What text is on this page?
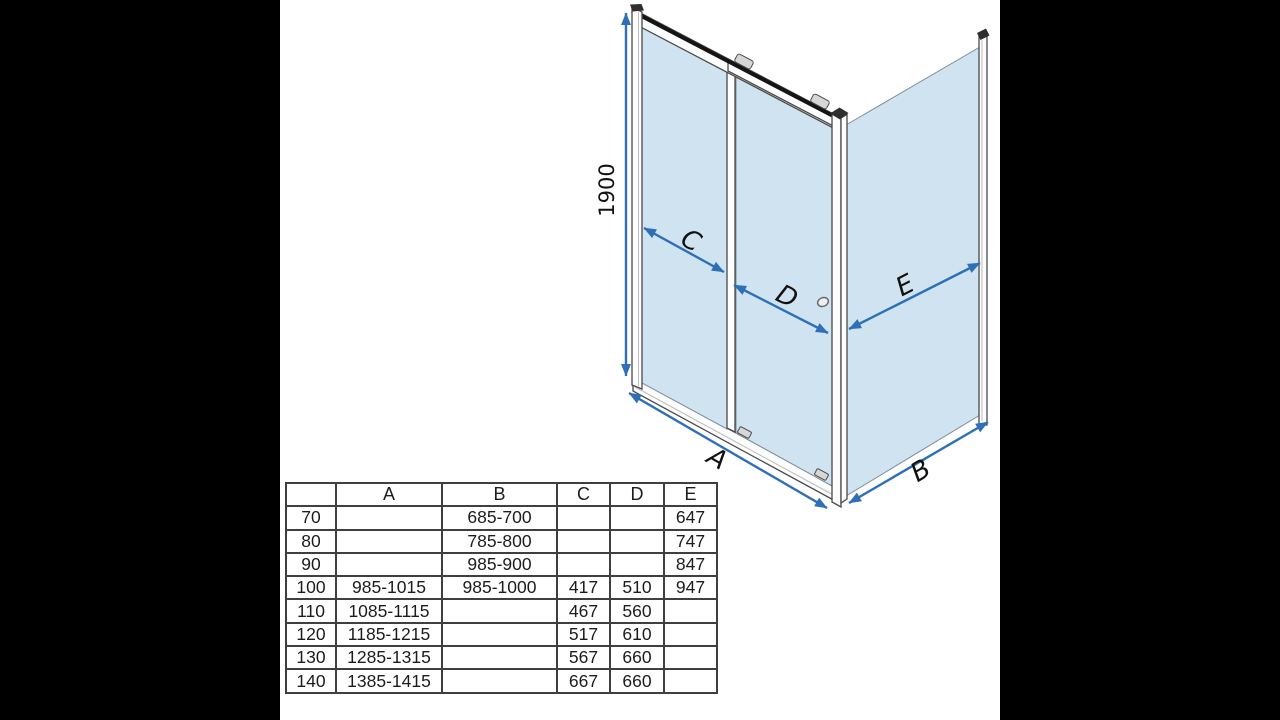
1900
A	B
C
D	E
	A	B	C	D	E
70		685-700			647
80		785-800			747
90		985-900			847
100	985-1015	985-1000	417	510	947
110	1085-1115		467	560	
120	1185-1215		517	610	
130	1285-1315		567	660	
140	1385-1415		667	660	
